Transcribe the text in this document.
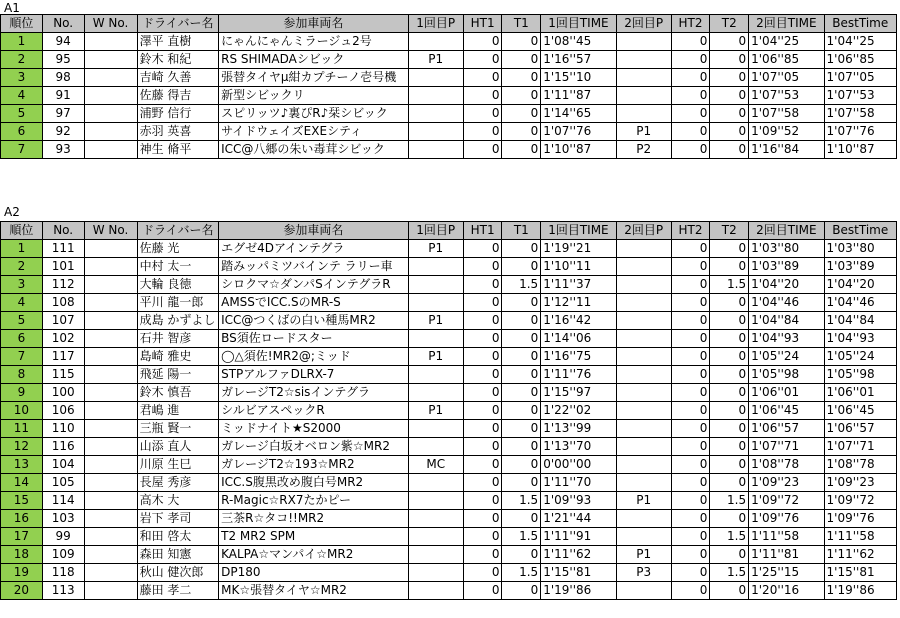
A1
順位	No.	W No.	ドライバー名	参加車両名	1回目P	HT1	T1	1回目TIME	2回目P	HT2	T2	2回目TIME	BestTime
1	94		澤平 直樹	にゃんにゃんミラージュ2号		0	0	1'08''45		0	0	1'04''25	1'04''25
2	95		鈴木 和紀	RS SHIMADAシビック	P1	0	0	1'16''57		0	0	1'06''85	1'06''85
3	98		吉崎 久善	張替タイヤμ紺カプチーノ壱号機		0	0	1'15''10		0	0	1'07''05	1'07''05
4	91		佐藤 得吉	新型シビックリ		0	0	1'11''87		0	0	1'07''53	1'07''53
5	97		浦野 信行	スピリッツ♪裏ぴR♪栞シビック		0	0	1'14''65		0	0	1'07''58	1'07''58
6	92		赤羽 英喜	サイドウェイズEXEシティ		0	0	1'07''76	P1	0	0	1'09''52	1'07''76
7	93		神生 脩平	ICC@八郷の朱い毒茸シビック		0	0	1'10''87	P2	0	0	1'16''84	1'10''87
A2
順位	No.	W No.	ドライバー名	参加車両名	1回目P	HT1	T1	1回目TIME	2回目P	HT2	T2	2回目TIME	BestTime
1	111		佐藤 光	エグゼ4Dアインテグラ	P1	0	0	1'19''21		0	0	1'03''80	1'03''80
2	101		中村 太一	踏みッパミツバインテ ラリー車		0	0	1'10''11		0	0	1'03''89	1'03''89
3	112		大輪 良徳	シロクマ☆ダンパSインテグラR		0	1.5	1'11''37		0	1.5	1'04''20	1'04''20
4	108		平川 龍一郎	AMSSでICC.SのMR-S		0	0	1'12''11		0	0	1'04''46	1'04''46
5	107		成島 かずよし	ICC@つくばの白い種馬MR2	P1	0	0	1'16''42		0	0	1'04''84	1'04''84
6	102		石井 智彦	BS須佐ロードスター		0	0	1'14''06		0	0	1'04''93	1'04''93
7	117		島崎 雅史	◯△須佐!MR2@;ミッド	P1	0	0	1'16''75		0	0	1'05''24	1'05''24
8	115		飛延 陽一	STPアルファDLRX-7		0	0	1'11''76		0	0	1'05''98	1'05''98
9	100		鈴木 慎吾	ガレージT2☆sisインテグラ		0	0	1'15''97		0	0	1'06''01	1'06''01
10	106		君嶋 進	シルビアスペックR	P1	0	0	1'22''02		0	0	1'06''45	1'06''45
11	110		三瓶 賢一	ミッドナイト★S2000		0	0	1'13''99		0	0	1'06''57	1'06''57
12	116		山添 直人	ガレージ白坂オベロン紫☆MR2		0	0	1'13''70		0	0	1'07''71	1'07''71
13	104		川原 生巳	ガレージT2☆193☆MR2	MC	0	0	0'00''00		0	0	1'08''78	1'08''78
14	105		長屋 秀彦	ICC.S腹黒改め腹白号MR2		0	0	1'11''70		0	0	1'09''23	1'09''23
15	114		高木 大	R-Magic☆RX7たかピー		0	1.5	1'09''93	P1	0	1.5	1'09''72	1'09''72
16	103		岩下 孝司	三茶R☆タコ!!MR2		0	0	1'21''44		0	0	1'09''76	1'09''76
17	99		和田 啓太	T2 MR2 SPM		0	1.5	1'11''91		0	1.5	1'11''58	1'11''58
18	109		森田 知憲	KALPA☆マンパイ☆MR2		0	0	1'11''62	P1	0	0	1'11''81	1'11''62
19	118		秋山 健次郎	DP180		0	1.5	1'15''81	P3	0	1.5	1'25''15	1'15''81
20	113		藤田 孝二	MK☆張替タイヤ☆MR2		0	0	1'19''86		0	0	1'20''16	1'19''86
